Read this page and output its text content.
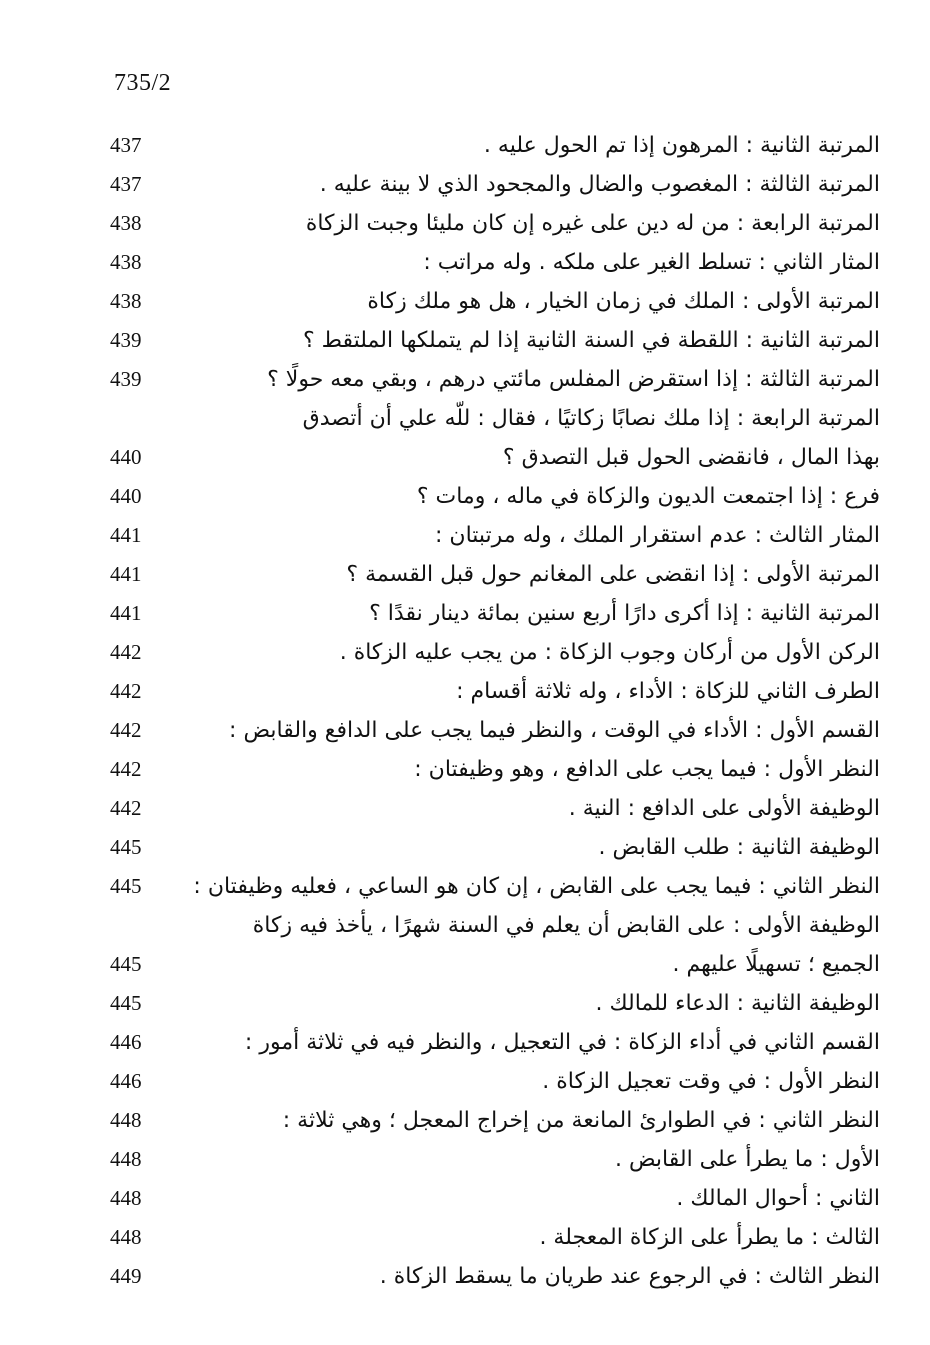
735/2
المرتبة الثانية : المرهون إذا تم الحول عليه .
437
المرتبة الثالثة : المغصوب والضال والمجحود الذي لا بينة عليه .
437
المرتبة الرابعة : من له دين على غيره إن كان مليئا وجبت الزكاة
438
المثار الثاني : تسلط الغير على ملكه . وله مراتب :
438
المرتبة الأولى : الملك في زمان الخيار ، هل هو ملك زكاة
438
المرتبة الثانية : اللقطة في السنة الثانية إذا لم يتملكها الملتقط ؟
439
المرتبة الثالثة : إذا استقرض المفلس مائتي درهم ، وبقي معه حولًا ؟
439
المرتبة الرابعة : إذا ملك نصابًا زكاتيًا ، فقال : للّه علي أن أتصدق
بهذا المال ، فانقضى الحول قبل التصدق ؟
440
فرع : إذا اجتمعت الديون والزكاة في ماله ، ومات ؟
440
المثار الثالث : عدم استقرار الملك ، وله مرتبتان :
441
المرتبة الأولى : إذا انقضى على المغانم حول قبل القسمة ؟
441
المرتبة الثانية : إذا أكرى دارًا أربع سنين بمائة دينار نقدًا ؟
441
الركن الأول من أركان وجوب الزكاة : من يجب عليه الزكاة .
442
الطرف الثاني للزكاة : الأداء ، وله ثلاثة أقسام :
442
القسم الأول : الأداء في الوقت ، والنظر فيما يجب على الدافع والقابض :
442
النظر الأول : فيما يجب على الدافع ، وهو وظيفتان :
442
الوظيفة الأولى على الدافع : النية .
442
الوظيفة الثانية : طلب القابض .
445
النظر الثاني : فيما يجب على القابض ، إن كان هو الساعي ، فعليه وظيفتان :
445
الوظيفة الأولى : على القابض أن يعلم في السنة شهرًا ، يأخذ فيه زكاة
الجميع ؛ تسهيلًا عليهم .
445
الوظيفة الثانية : الدعاء للمالك .
445
القسم الثاني في أداء الزكاة : في التعجيل ، والنظر فيه في ثلاثة أمور :
446
النظر الأول : في وقت تعجيل الزكاة .
446
النظر الثاني : في الطوارئ المانعة من إخراج المعجل ؛ وهي ثلاثة :
448
الأول : ما يطرأ على القابض .
448
الثاني : أحوال المالك .
448
الثالث : ما يطرأ على الزكاة المعجلة .
448
النظر الثالث : في الرجوع عند طريان ما يسقط الزكاة .
449
